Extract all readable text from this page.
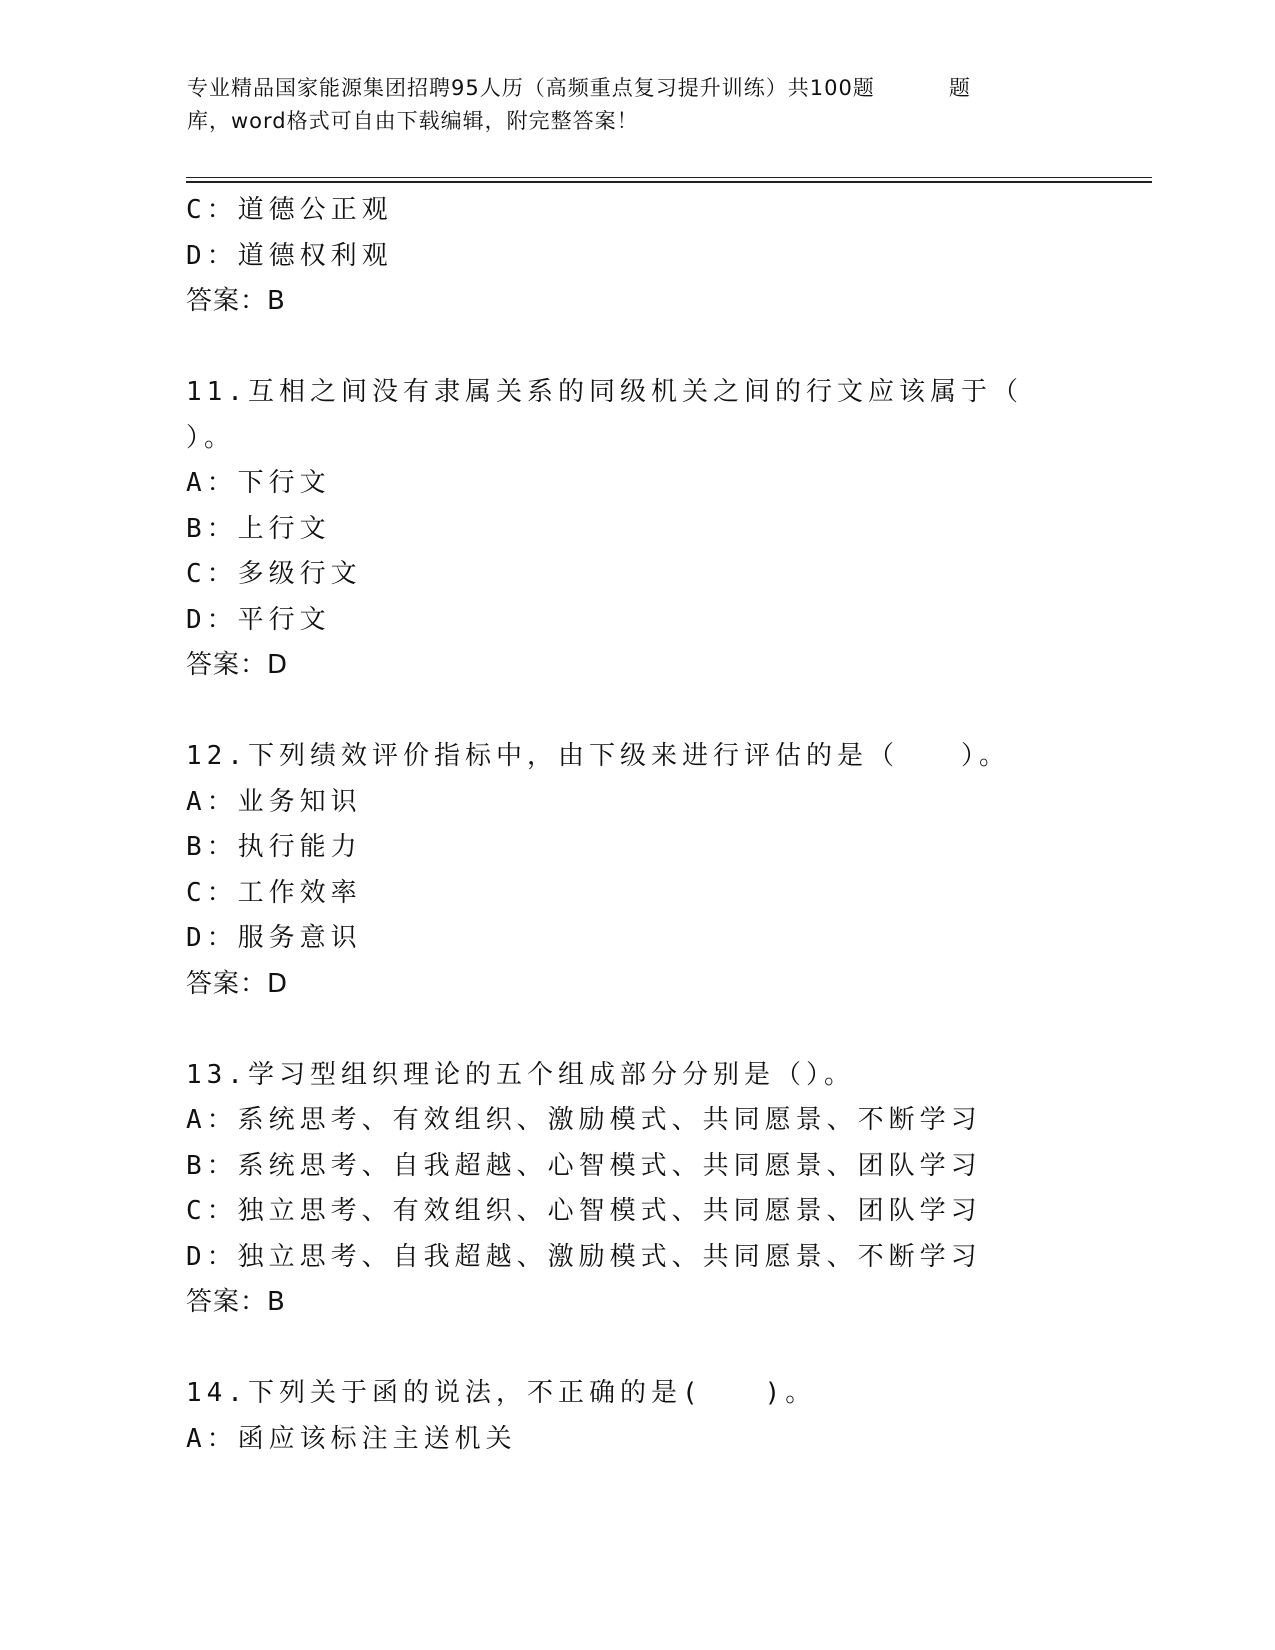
专业精品国家能源集团招聘95人历（高频重点复习提升训练）共100题	题
库，word格式可自由下载编辑，附完整答案！
C：道德公正观
D：道德权利观
答案：B
11.互相之间没有隶属关系的同级机关之间的行文应该属于（
）。
A：下行文
B：上行文
C：多级行文
D：平行文
答案：D
12.下列绩效评价指标中，由下级来进行评估的是（　　）。
A：业务知识
B：执行能力
C：工作效率
D：服务意识
答案：D
13.学习型组织理论的五个组成部分分别是（）。
A：系统思考、有效组织、激励模式、共同愿景、不断学习
B：系统思考、自我超越、心智模式、共同愿景、团队学习
C：独立思考、有效组织、心智模式、共同愿景、团队学习
D：独立思考、自我超越、激励模式、共同愿景、不断学习
答案：B
14.下列关于函的说法，不正确的是(　　)。
A：函应该标注主送机关
